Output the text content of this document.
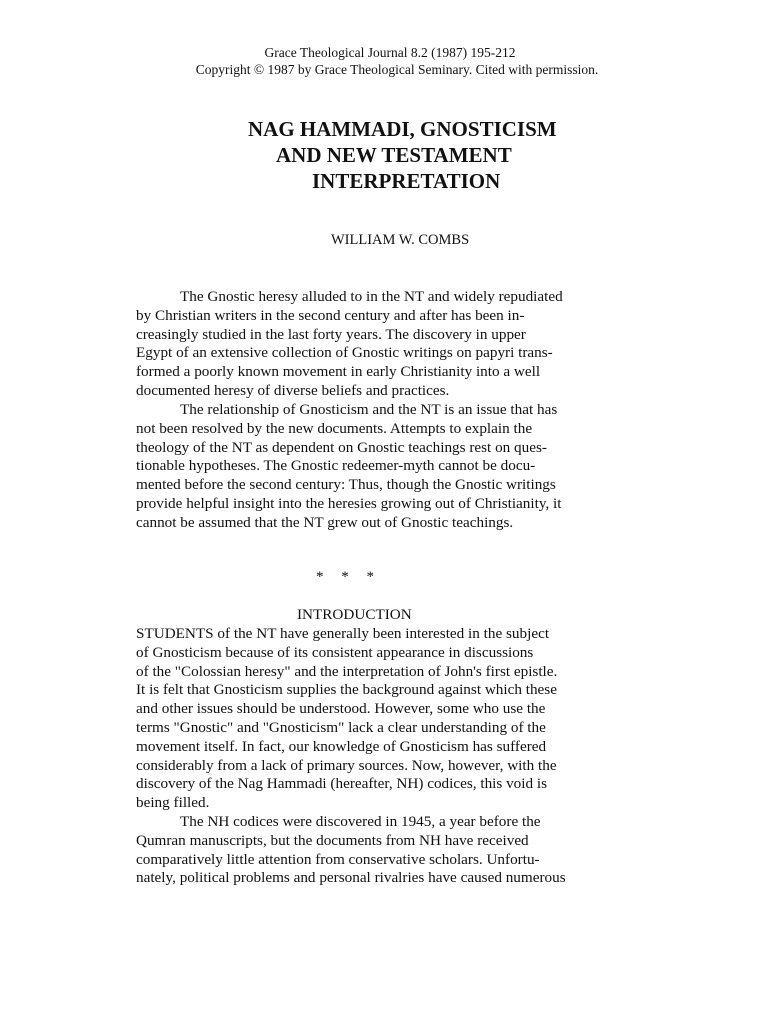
Grace Theological Journal 8.2 (1987) 195-212
Copyright © 1987 by Grace Theological Seminary. Cited with permission.
NAG HAMMADI, GNOSTICISM
AND NEW TESTAMENT
INTERPRETATION
WILLIAM W. COMBS
The Gnostic heresy alluded to in the NT and widely repudiated
by Christian writers in the second century and after has been in-
creasingly studied in the last forty years. The discovery in upper
Egypt of an extensive collection of Gnostic writings on papyri trans-
formed a poorly known movement in early Christianity into a well
documented heresy of diverse beliefs and practices.
The relationship of Gnosticism and the NT is an issue that has
not been resolved by the new documents. Attempts to explain the
theology of the NT as dependent on Gnostic teachings rest on ques-
tionable hypotheses. The Gnostic redeemer-myth cannot be docu-
mented before the second century: Thus, though the Gnostic writings
provide helpful insight into the heresies growing out of Christianity, it
cannot be assumed that the NT grew out of Gnostic teachings.
* * *
INTRODUCTION
STUDENTS of the NT have generally been interested in the subject
of Gnosticism because of its consistent appearance in discussions
of the "Colossian heresy" and the interpretation of John's first epistle.
It is felt that Gnosticism supplies the background against which these
and other issues should be understood. However, some who use the
terms "Gnostic" and "Gnosticism" lack a clear understanding of the
movement itself. In fact, our knowledge of Gnosticism has suffered
considerably from a lack of primary sources. Now, however, with the
discovery of the Nag Hammadi (hereafter, NH) codices, this void is
being filled.
The NH codices were discovered in 1945, a year before the
Qumran manuscripts, but the documents from NH have received
comparatively little attention from conservative scholars. Unfortu-
nately, political problems and personal rivalries have caused numerous
